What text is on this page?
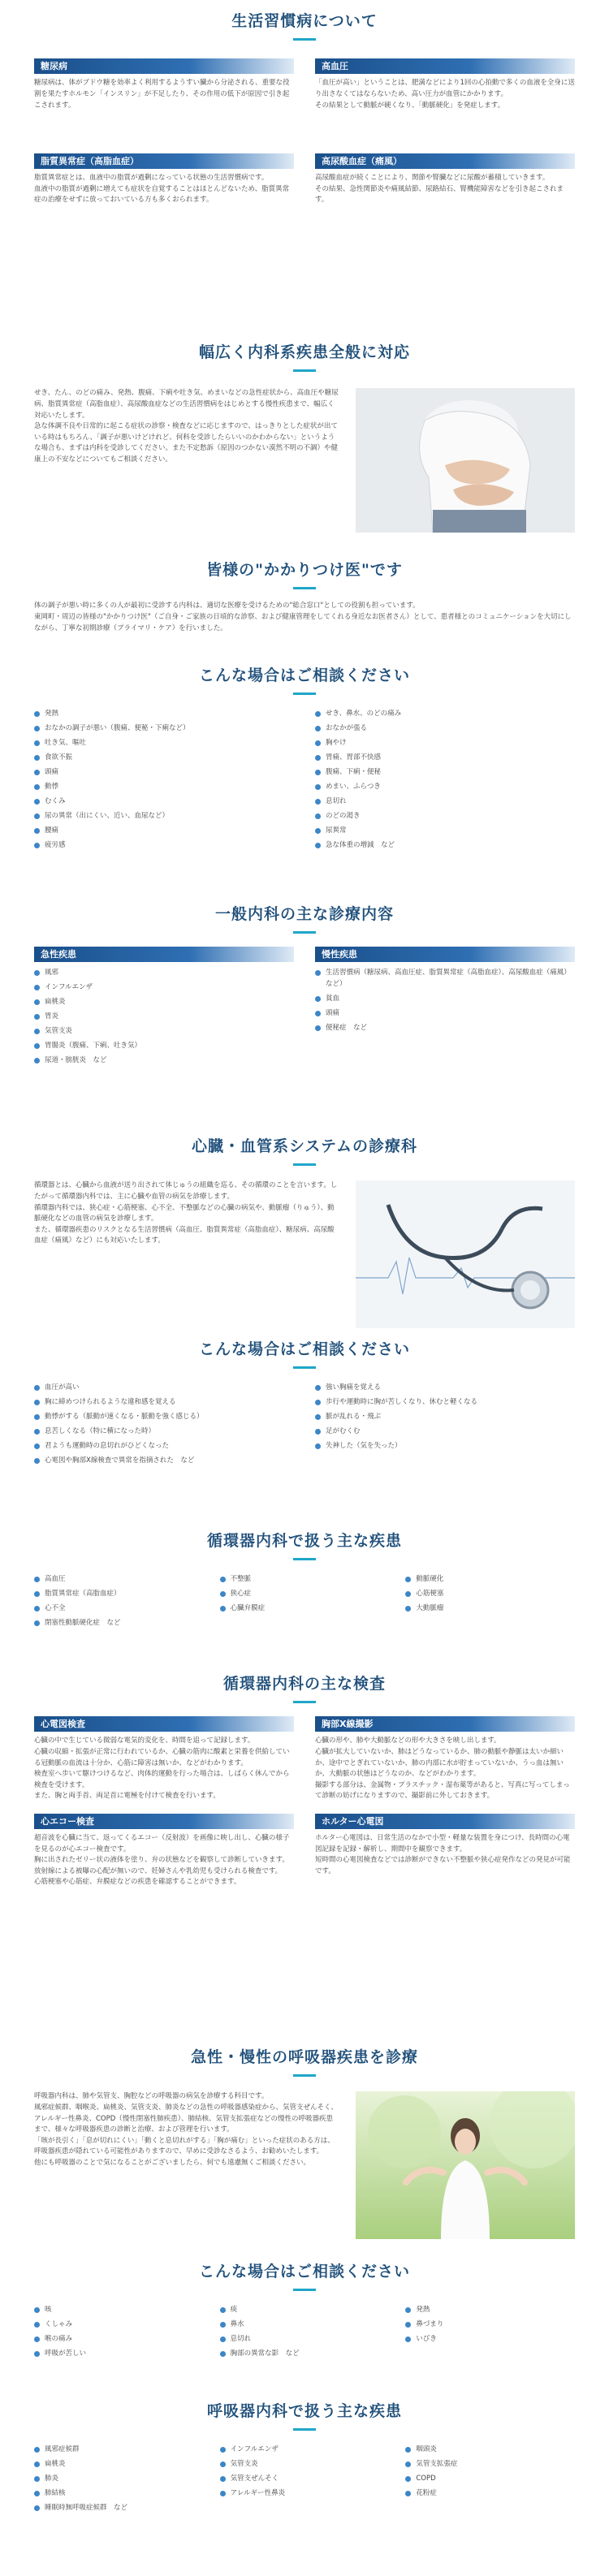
生活習慣病について
糖尿病

糖尿病は、体がブドウ糖を効率よく利用するようすい臓から分泌される、重要な役割を果たすホルモン「インスリン」が不足したり、その作用の低下が原因で引き起こされます。

高血圧

「血圧が高い」ということは、肥満などにより1回の心拍動で多くの血液を全身に送り出さなくてはならないため、高い圧力が血管にかかります。
その結果として動脈が硬くなり、「動脈硬化」を発症します。

脂質異常症（高脂血症）

脂質異常症とは、血液中の脂質が過剰になっている状態の生活習慣病です。
血液中の脂質が過剰に増えても症状を自覚することはほとんどないため、脂質異常症の治療をせずに放っておいている方も多くおられます。

高尿酸血症（痛風）

高尿酸血症が続くことにより、関節や腎臓などに尿酸が蓄積していきます。
その結果、急性関節炎や痛風結節、尿路結石、腎機能障害などを引き起こされます。

幅広く内科系疾患全般に対応

せき、たん、のどの痛み、発熱、腹痛、下痢や吐き気、めまいなどの急性症状から、高血圧や糖尿病、脂質異常症（高脂血症）、高尿酸血症などの生活習慣病をはじめとする慢性疾患まで、幅広く対応いたします。
急な体調不良や日常的に起こる症状の診察・検査などに応じますので、はっきりとした症状が出ている時はもちろん、「調子が悪いけどけれど、何科を受診したらいいのかわからない」というような場合も、まずは内科を受診してください。また不定愁訴（原因のつかない漠然不明の不調）や健康上の不安などについてもご相談ください。

皆様の"かかりつけ医"です

体の調子が悪い時に多くの人が最初に受診する内科は、適切な医療を受けるための"総合窓口"としての役割も担っています。
東岡町・周辺の皆様の"かかりつけ医"（ご自身・ご家族の日頃的な診察、および健康管理をしてくれる身近なお医者さん）として、患者様とのコミュニケーションを大切にしながら、丁寧な初期診療（プライマリ・ケア）を行いました。

こんな場合はご相談ください
発熱
おなかの調子が悪い（腹痛、便秘・下痢など）
吐き気、嘔吐
食欲不振
頭痛
動悸
むくみ
尿の異常（出にくい、近い、血尿など）
腰痛
疲労感
せき、鼻水、のどの痛み
おなかが張る
胸やけ
胃痛、胃部不快感
腹痛、下痢・便秘
めまい、ふらつき
息切れ
のどの渇き
尿異常
急な体重の増減　など
一般内科の主な診療内容
急性疾患
風邪
インフルエンザ
扁桃炎
胃炎
気管支炎
胃腸炎（腹痛、下痢、吐き気）
尿道・膀胱炎　など
慢性疾患
生活習慣病（糖尿病、高血圧症、脂質異常症（高脂血症）、高尿酸血症（痛風）など）
貧血
頭痛
便秘症　など
心臓・血管系システムの診療科

循環器とは、心臓から血液が送り出されて体じゅうの組織を巡る、その循環のことを言います。したがって循環器内科では、主に心臓や血管の病気を診療します。
循環器内科では、狭心症・心筋梗塞、心不全、不整脈などの心臓の病気や、動脈瘤（りゅう）、動脈硬化などの血管の病気を診療します。
また、循環器疾患のリスクとなる生活習慣病（高血圧、脂質異常症（高脂血症）、糖尿病、高尿酸血症（痛風）など）にも対応いたします。

こんな場合はご相談ください
血圧が高い
胸に締めつけられるような違和感を覚える
動悸がする（脈動が速くなる・脈動を強く感じる）
息苦しくなる（特に横になった時）
君ようも運動時の息切れがひどくなった
心電図や胸部X線検査で異常を指摘された　など
強い胸痛を覚える
歩行や運動時に胸が苦しくなり、休むと軽くなる
脈が乱れる・飛ぶ
足がむくむ
失神した（気を失った）
循環器内科で扱う主な疾患
高血圧	不整脈	動脈硬化
脂質異常症（高脂血症）	狭心症	心筋梗塞
心不全	心臓弁膜症	大動脈瘤
閉塞性動脈硬化症　など
循環器内科の主な検査
心電図検査

心臓の中で生じている微弱な電気的変化を、時間を追って記録します。
心臓の収縮・拡張が正常に行われているか、心臓の筋肉に酸素と栄養を供給している冠動脈の血流は十分か、心筋に障害は無いか、などがわかります。
検査室へ歩いて駆けつけるなど、肉体的運動を行った場合は、しばらく休んでから検査を受けます。
また、胸と両手首、両足首に電極を付けて検査を行います。

胸部X線撮影

心臓の形や、肺や大動脈などの形や大きさを映し出します。
心臓が拡大していないか、肺はどうなっているか、肺の動脈や静脈は太いか細いか、途中でとぎれていないか、肺の内部に水が貯まっていないか、うっ血は無いか、大動脈の状態はどうなのか、などがわかります。
撮影する部分は、金属物・プラスチック・湿布薬等があると、写真に写ってしまって診断の妨げになりますので、撮影前に外しておきます。

心エコー検査

超音波を心臓に当て、返ってくるエコー（反射波）を画像に映し出し、心臓の様子を見るのが心エコー検査です。
胸に出されたゼリー状の液体を塗り、弁の状態などを観察して診断していきます。
放射線による被曝の心配が無いので、妊婦さんや乳幼児も受けられる検査です。
心筋梗塞や心筋症、弁膜症などの疾患を確認することができます。

ホルター心電図

ホルター心電図は、日常生活のなかで小型・軽量な装置を身につけ、長時間の心電図記録を記録・解析し、期間中を観察できます。
短時間の心電図検査などでは診断ができない不整脈や狭心症発作などの発見が可能です。

急性・慢性の呼吸器疾患を診療

呼吸器内科は、肺や気管支、胸腔などの呼吸器の病気を診療する科目です。
風邪症候群、咽喉炎、扁桃炎、気管支炎、肺炎などの急性の呼吸器感染症から、気管支ぜんそく、アレルギー性鼻炎、COPD（慢性閉塞性肺疾患）、肺結核、気管支拡張症などの慢性の呼吸器疾患まで、様々な呼吸器疾患の診断と治療、および管理を行います。
「咳が長引く」「息が切れにくい」「動くと息切れがする」「胸が痛む」といった症状のある方は、呼吸器疾患が隠れている可能性がありますので、早めに受診なさるよう、お勧めいたします。
他にも呼吸器のことで気になることがございましたら、何でも遠慮無くご相談ください。

こんな場合はご相談ください
咳	痰	発熱
くしゃみ	鼻水	鼻づまり
喉の痛み	息切れ	いびき
呼吸が苦しい	胸部の異常な影　など
呼吸器内科で扱う主な疾患
風邪症候群	インフルエンザ	咽頭炎
扁桃炎	気管支炎	気管支拡張症
肺炎	気管支ぜんそく	COPD
肺結核	アレルギー性鼻炎	花粉症
睡眠時無呼吸症候群　など
